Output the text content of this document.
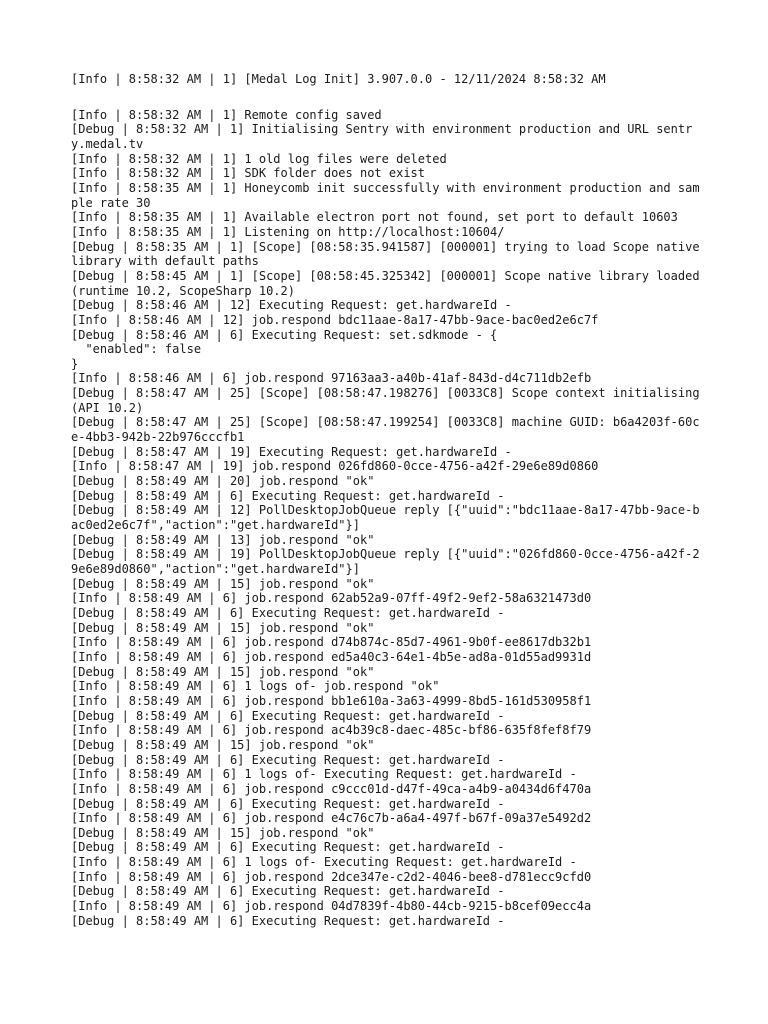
[Info | 8:58:32 AM | 1] [Medal Log Init] 3.907.0.0 - 12/11/2024 8:58:32 AM
[Info | 8:58:32 AM | 1] Remote config saved
[Debug | 8:58:32 AM | 1] Initialising Sentry with environment production and URL sentry.medal.tv
[Info | 8:58:32 AM | 1] 1 old log files were deleted
[Info | 8:58:32 AM | 1] SDK folder does not exist
[Info | 8:58:35 AM | 1] Honeycomb init successfully with environment production and sample rate 30
[Info | 8:58:35 AM | 1] Available electron port not found, set port to default 10603
[Info | 8:58:35 AM | 1] Listening on http://localhost:10604/
[Debug | 8:58:35 AM | 1] [Scope] [08:58:35.941587] [000001] trying to load Scope native library with default paths
[Debug | 8:58:45 AM | 1] [Scope] [08:58:45.325342] [000001] Scope native library loaded (runtime 10.2, ScopeSharp 10.2)
[Debug | 8:58:46 AM | 12] Executing Request: get.hardwareId -
[Info | 8:58:46 AM | 12] job.respond bdc11aae-8a17-47bb-9ace-bac0ed2e6c7f
[Debug | 8:58:46 AM | 6] Executing Request: set.sdkmode - {
"enabled": false
}
[Info | 8:58:46 AM | 6] job.respond 97163aa3-a40b-41af-843d-d4c711db2efb
[Debug | 8:58:47 AM | 25] [Scope] [08:58:47.198276] [0033C8] Scope context initialising (API 10.2)
[Debug | 8:58:47 AM | 25] [Scope] [08:58:47.199254] [0033C8] machine GUID: b6a4203f-60ce-4bb3-942b-22b976cccfb1
[Debug | 8:58:47 AM | 19] Executing Request: get.hardwareId -
[Info | 8:58:47 AM | 19] job.respond 026fd860-0cce-4756-a42f-29e6e89d0860
[Debug | 8:58:49 AM | 20] job.respond "ok"
[Debug | 8:58:49 AM | 6] Executing Request: get.hardwareId -
[Debug | 8:58:49 AM | 12] PollDesktopJobQueue reply [{"uuid":"bdc11aae-8a17-47bb-9ace-bac0ed2e6c7f","action":"get.hardwareId"}]
[Debug | 8:58:49 AM | 13] job.respond "ok"
[Debug | 8:58:49 AM | 19] PollDesktopJobQueue reply [{"uuid":"026fd860-0cce-4756-a42f-29e6e89d0860","action":"get.hardwareId"}]
[Debug | 8:58:49 AM | 15] job.respond "ok"
[Info | 8:58:49 AM | 6] job.respond 62ab52a9-07ff-49f2-9ef2-58a6321473d0
[Debug | 8:58:49 AM | 6] Executing Request: get.hardwareId -
[Debug | 8:58:49 AM | 15] job.respond "ok"
[Info | 8:58:49 AM | 6] job.respond d74b874c-85d7-4961-9b0f-ee8617db32b1
[Info | 8:58:49 AM | 6] job.respond ed5a40c3-64e1-4b5e-ad8a-01d55ad9931d
[Debug | 8:58:49 AM | 15] job.respond "ok"
[Info | 8:58:49 AM | 6] 1 logs of- job.respond "ok"
[Info | 8:58:49 AM | 6] job.respond bb1e610a-3a63-4999-8bd5-161d530958f1
[Debug | 8:58:49 AM | 6] Executing Request: get.hardwareId -
[Info | 8:58:49 AM | 6] job.respond ac4b39c8-daec-485c-bf86-635f8fef8f79
[Debug | 8:58:49 AM | 15] job.respond "ok"
[Debug | 8:58:49 AM | 6] Executing Request: get.hardwareId -
[Info | 8:58:49 AM | 6] 1 logs of- Executing Request: get.hardwareId -
[Info | 8:58:49 AM | 6] job.respond c9ccc01d-d47f-49ca-a4b9-a0434d6f470a
[Debug | 8:58:49 AM | 6] Executing Request: get.hardwareId -
[Info | 8:58:49 AM | 6] job.respond e4c76c7b-a6a4-497f-b67f-09a37e5492d2
[Debug | 8:58:49 AM | 15] job.respond "ok"
[Debug | 8:58:49 AM | 6] Executing Request: get.hardwareId -
[Info | 8:58:49 AM | 6] 1 logs of- Executing Request: get.hardwareId -
[Info | 8:58:49 AM | 6] job.respond 2dce347e-c2d2-4046-bee8-d781ecc9cfd0
[Debug | 8:58:49 AM | 6] Executing Request: get.hardwareId -
[Info | 8:58:49 AM | 6] job.respond 04d7839f-4b80-44cb-9215-b8cef09ecc4a
[Debug | 8:58:49 AM | 6] Executing Request: get.hardwareId -
